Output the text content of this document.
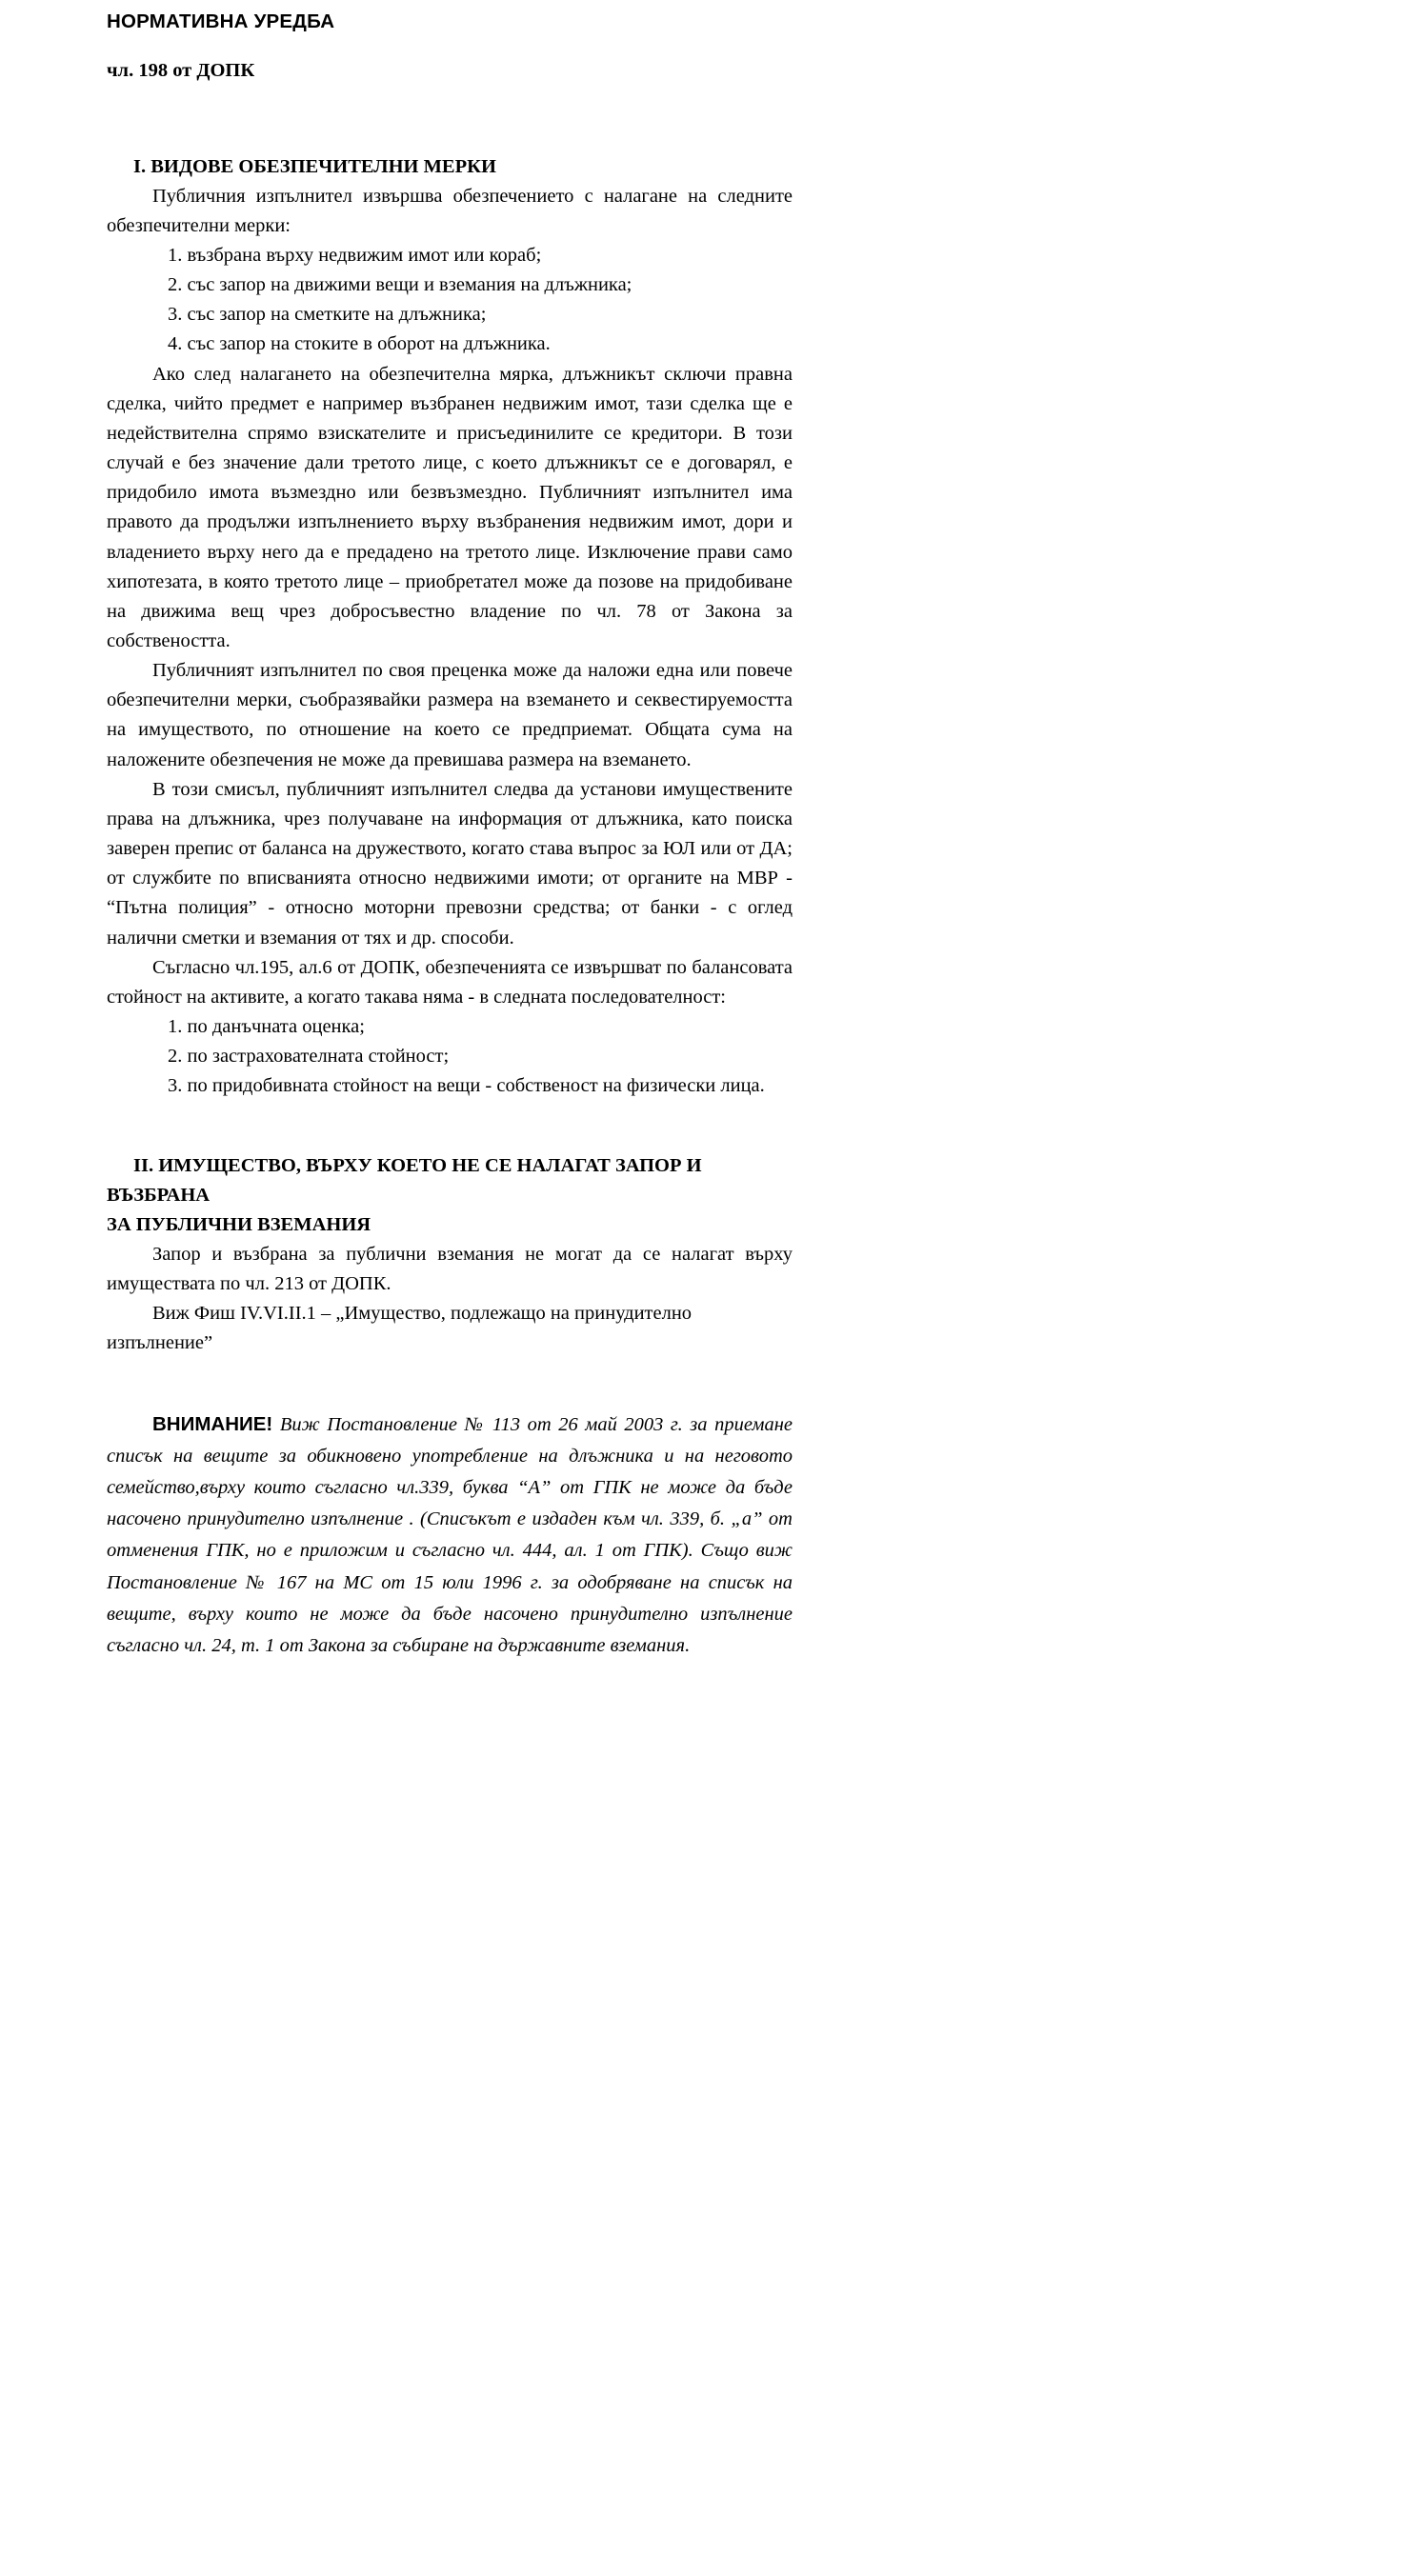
НОРМАТИВНА УРЕДБА
чл. 198 от ДОПК
I. ВИДОВЕ ОБЕЗПЕЧИТЕЛНИ МЕРКИ

Публичния изпълнител извършва обезпечението с налагане на следните обезпечителни мерки:

1. възбрана върху недвижим имот или кораб;
2. със запор на движими вещи и вземания на длъжника;
3. със запор на сметките на длъжника;
4. със запор на стоките в оборот на длъжника.

Ако след налагането на обезпечителна мярка, длъжникът сключи правна сделка, чийто предмет е например възбранен недвижим имот, тази сделка ще е недействителна спрямо взискателите и присъединилите се кредитори. В този случай е без значение дали третото лице, с което длъжникът се е договарял, е придобило имота възмездно или безвъзмездно. Публичният изпълнител има правото да продължи изпълнението върху възбранения недвижим имот, дори и владението върху него да е предадено на третото лице. Изключение прави само хипотезата, в която третото лице – приобретател може да позове на придобиване на движима вещ чрез добросъвестно владение по чл. 78 от Закона за собствеността.

Публичният изпълнител по своя преценка може да наложи една или повече обезпечителни мерки, съобразявайки размера на вземането и секвестируемостта на имуществото, по отношение на което се предприемат. Общата сума на наложените обезпечения не може да превишава размера на вземането.

В този смисъл, публичният изпълнител следва да установи имуществените права на длъжника, чрез получаване на информация от длъжника, като поиска заверен препис от баланса на дружеството, когато става въпрос за ЮЛ или от ДА; от службите по вписванията относно недвижими имоти; от органите на МВР - “Пътна полиция” - относно моторни превозни средства; от банки - с оглед налични сметки и вземания от тях и др. способи.

Съгласно чл.195, ал.6 от ДОПК, обезпеченията се извършват по балансовата стойност на активите, а когато такава няма - в следната последователност:

1. по данъчната оценка;
2. по застрахователната стойност;
3. по придобивната стойност на вещи - собственост на физически лица.
II. ИМУЩЕСТВО, ВЪРХУ КОЕТО НЕ СЕ НАЛАГАТ ЗАПОР И ВЪЗБРАНА
ЗА ПУБЛИЧНИ ВЗЕМАНИЯ

Запор и възбрана за публични вземания не могат да се налагат върху имуществата по чл. 213 от ДОПК.

Виж Фиш IV.VI.II.1 – „Имущество, подлежащо на принудително изпълнение”

ВНИМАНИЕ! Виж Постановление № 113 от 26 май 2003 г. за приемане списък на вещите за обикновено употребление на длъжника и на неговото семейство,върху които съгласно чл.339, буква “А” от ГПК не може да бъде насочено принудително изпълнение . (Списъкът е издаден към чл. 339, б. „а” от отменения ГПК, но е приложим и съгласно чл. 444, ал. 1 от ГПК). Също виж Постановление № 167 на МС от 15 юли 1996 г. за одобряване на списък на вещите, върху които не може да бъде насочено принудително изпълнение съгласно чл. 24, т. 1 от Закона за събиране на държавните вземания.
